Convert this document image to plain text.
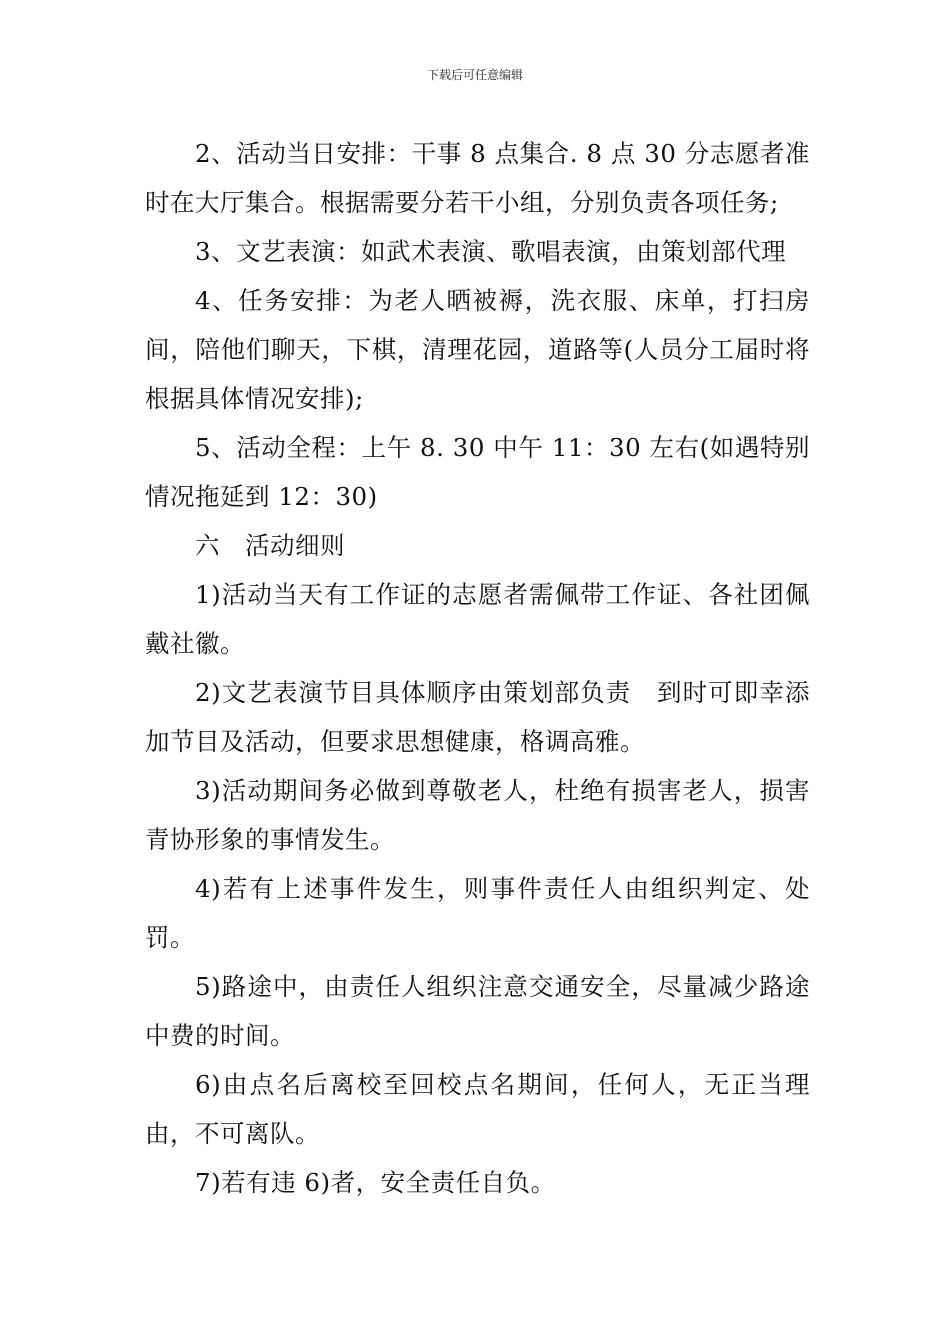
下载后可任意编辑

2、活动当日安排：干事 8 点集合. 8 点 30 分志愿者准时在大厅集合。根据需要分若干小组，分别负责各项任务;

3、文艺表演：如武术表演、歌唱表演，由策划部代理

4、任务安排：为老人晒被褥，洗衣服、床单，打扫房间，陪他们聊天，下棋，清理花园，道路等(人员分工届时将根据具体情况安排);

5、活动全程：上午 8. 30 中午 11：30 左右(如遇特别情况拖延到 12：30)

六　活动细则

1)活动当天有工作证的志愿者需佩带工作证、各社团佩戴社徽。

2)文艺表演节目具体顺序由策划部负责　到时可即幸添加节目及活动，但要求思想健康，格调高雅。

3)活动期间务必做到尊敬老人，杜绝有损害老人，损害青协形象的事情发生。

4)若有上述事件发生，则事件责任人由组织判定、处罚。

5)路途中，由责任人组织注意交通安全，尽量减少路途中费的时间。

6)由点名后离校至回校点名期间，任何人，无正当理由，不可离队。

7)若有违 6)者，安全责任自负。
